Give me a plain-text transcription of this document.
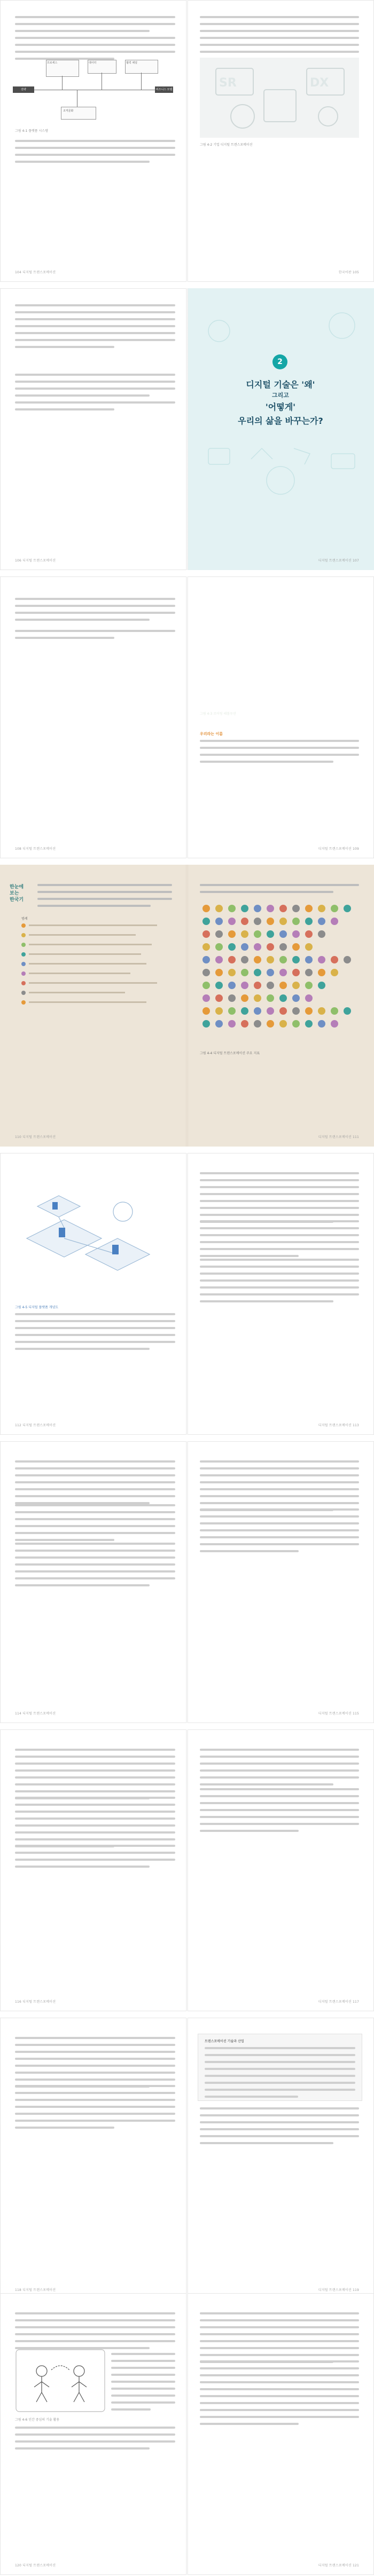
프로세스	데이터	협력 채널
전략	비즈니스 모델
조직문화
그림 4-1 플랫폼 시스템
104 디지털 트랜스포메이션
SR	DX
그림 4-2 기업 디지털 트랜스포메이션
한국어판 105
106 디지털 트랜스포메이션
2
디지털 기술은 '왜'
그리고
'어떻게'
우리의 삶을 바꾸는가?
디지털 트랜스포메이션 107
108 디지털 트랜스포메이션
그림 4-3 로어링 레볼루션
우리라는 이름
디지털 트랜스포메이션 109
한눈에
보는
한국기
범례
110 디지털 트랜스포메이션
그림 4-4 디지털 트랜스포메이션 주요 지표
디지털 트랜스포메이션 111
그림 4-5 디지털 플랫폼 개념도
112 디지털 트랜스포메이션	디지털 트랜스포메이션 113
114 디지털 트랜스포메이션	디지털 트랜스포메이션 115
116 디지털 트랜스포메이션	디지털 트랜스포메이션 117
118 디지털 트랜스포메이션
트랜스포메이션 기술과 산업
디지털 트랜스포메이션 119
그림 4-6 인간 중심의 기술 활용
120 디지털 트랜스포메이션	디지털 트랜스포메이션 121
